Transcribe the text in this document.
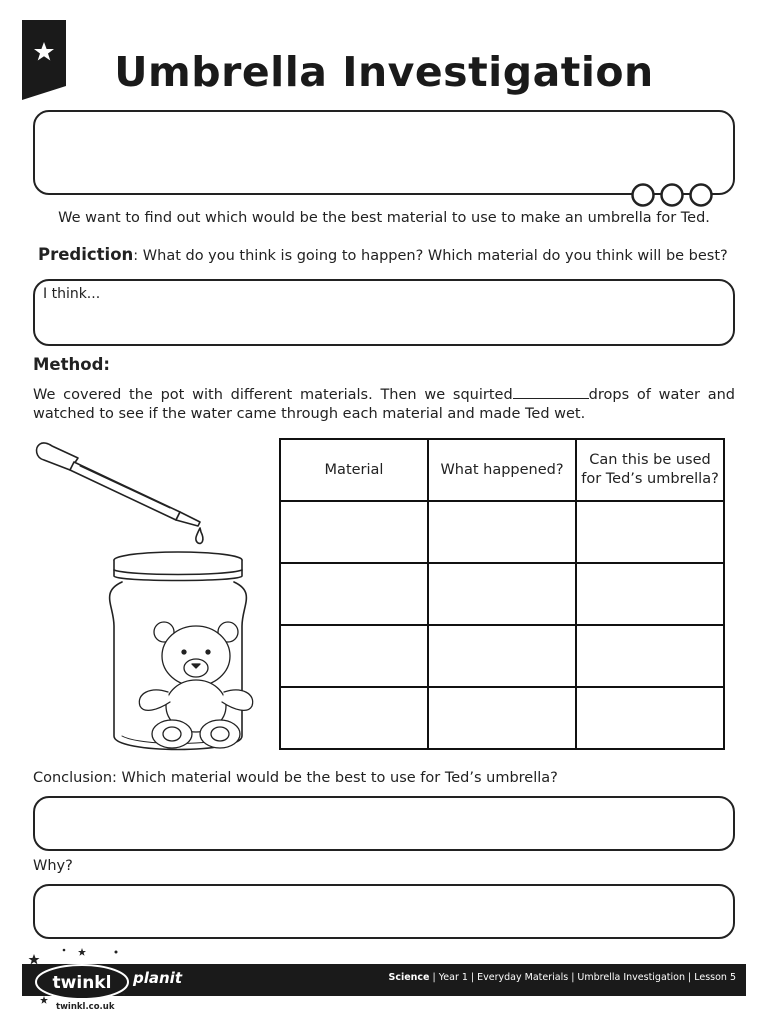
Umbrella Investigation
We want to find out which would be the best material to use to make an umbrella for Ted.
Prediction: What do you think is going to happen? Which material do you think will be best?
I think...
Method:
We covered the pot with different materials. Then we squirted	drops of water and watched to see if the water came through each material and made Ted wet.
Material	What happened?	Can this be used for Ted’s umbrella?

Conclusion: Which material would be the best to use for Ted’s umbrella?
Why?
twinkl planit
twinkl.co.uk
Science | Year 1 | Everyday Materials | Umbrella Investigation | Lesson 5
